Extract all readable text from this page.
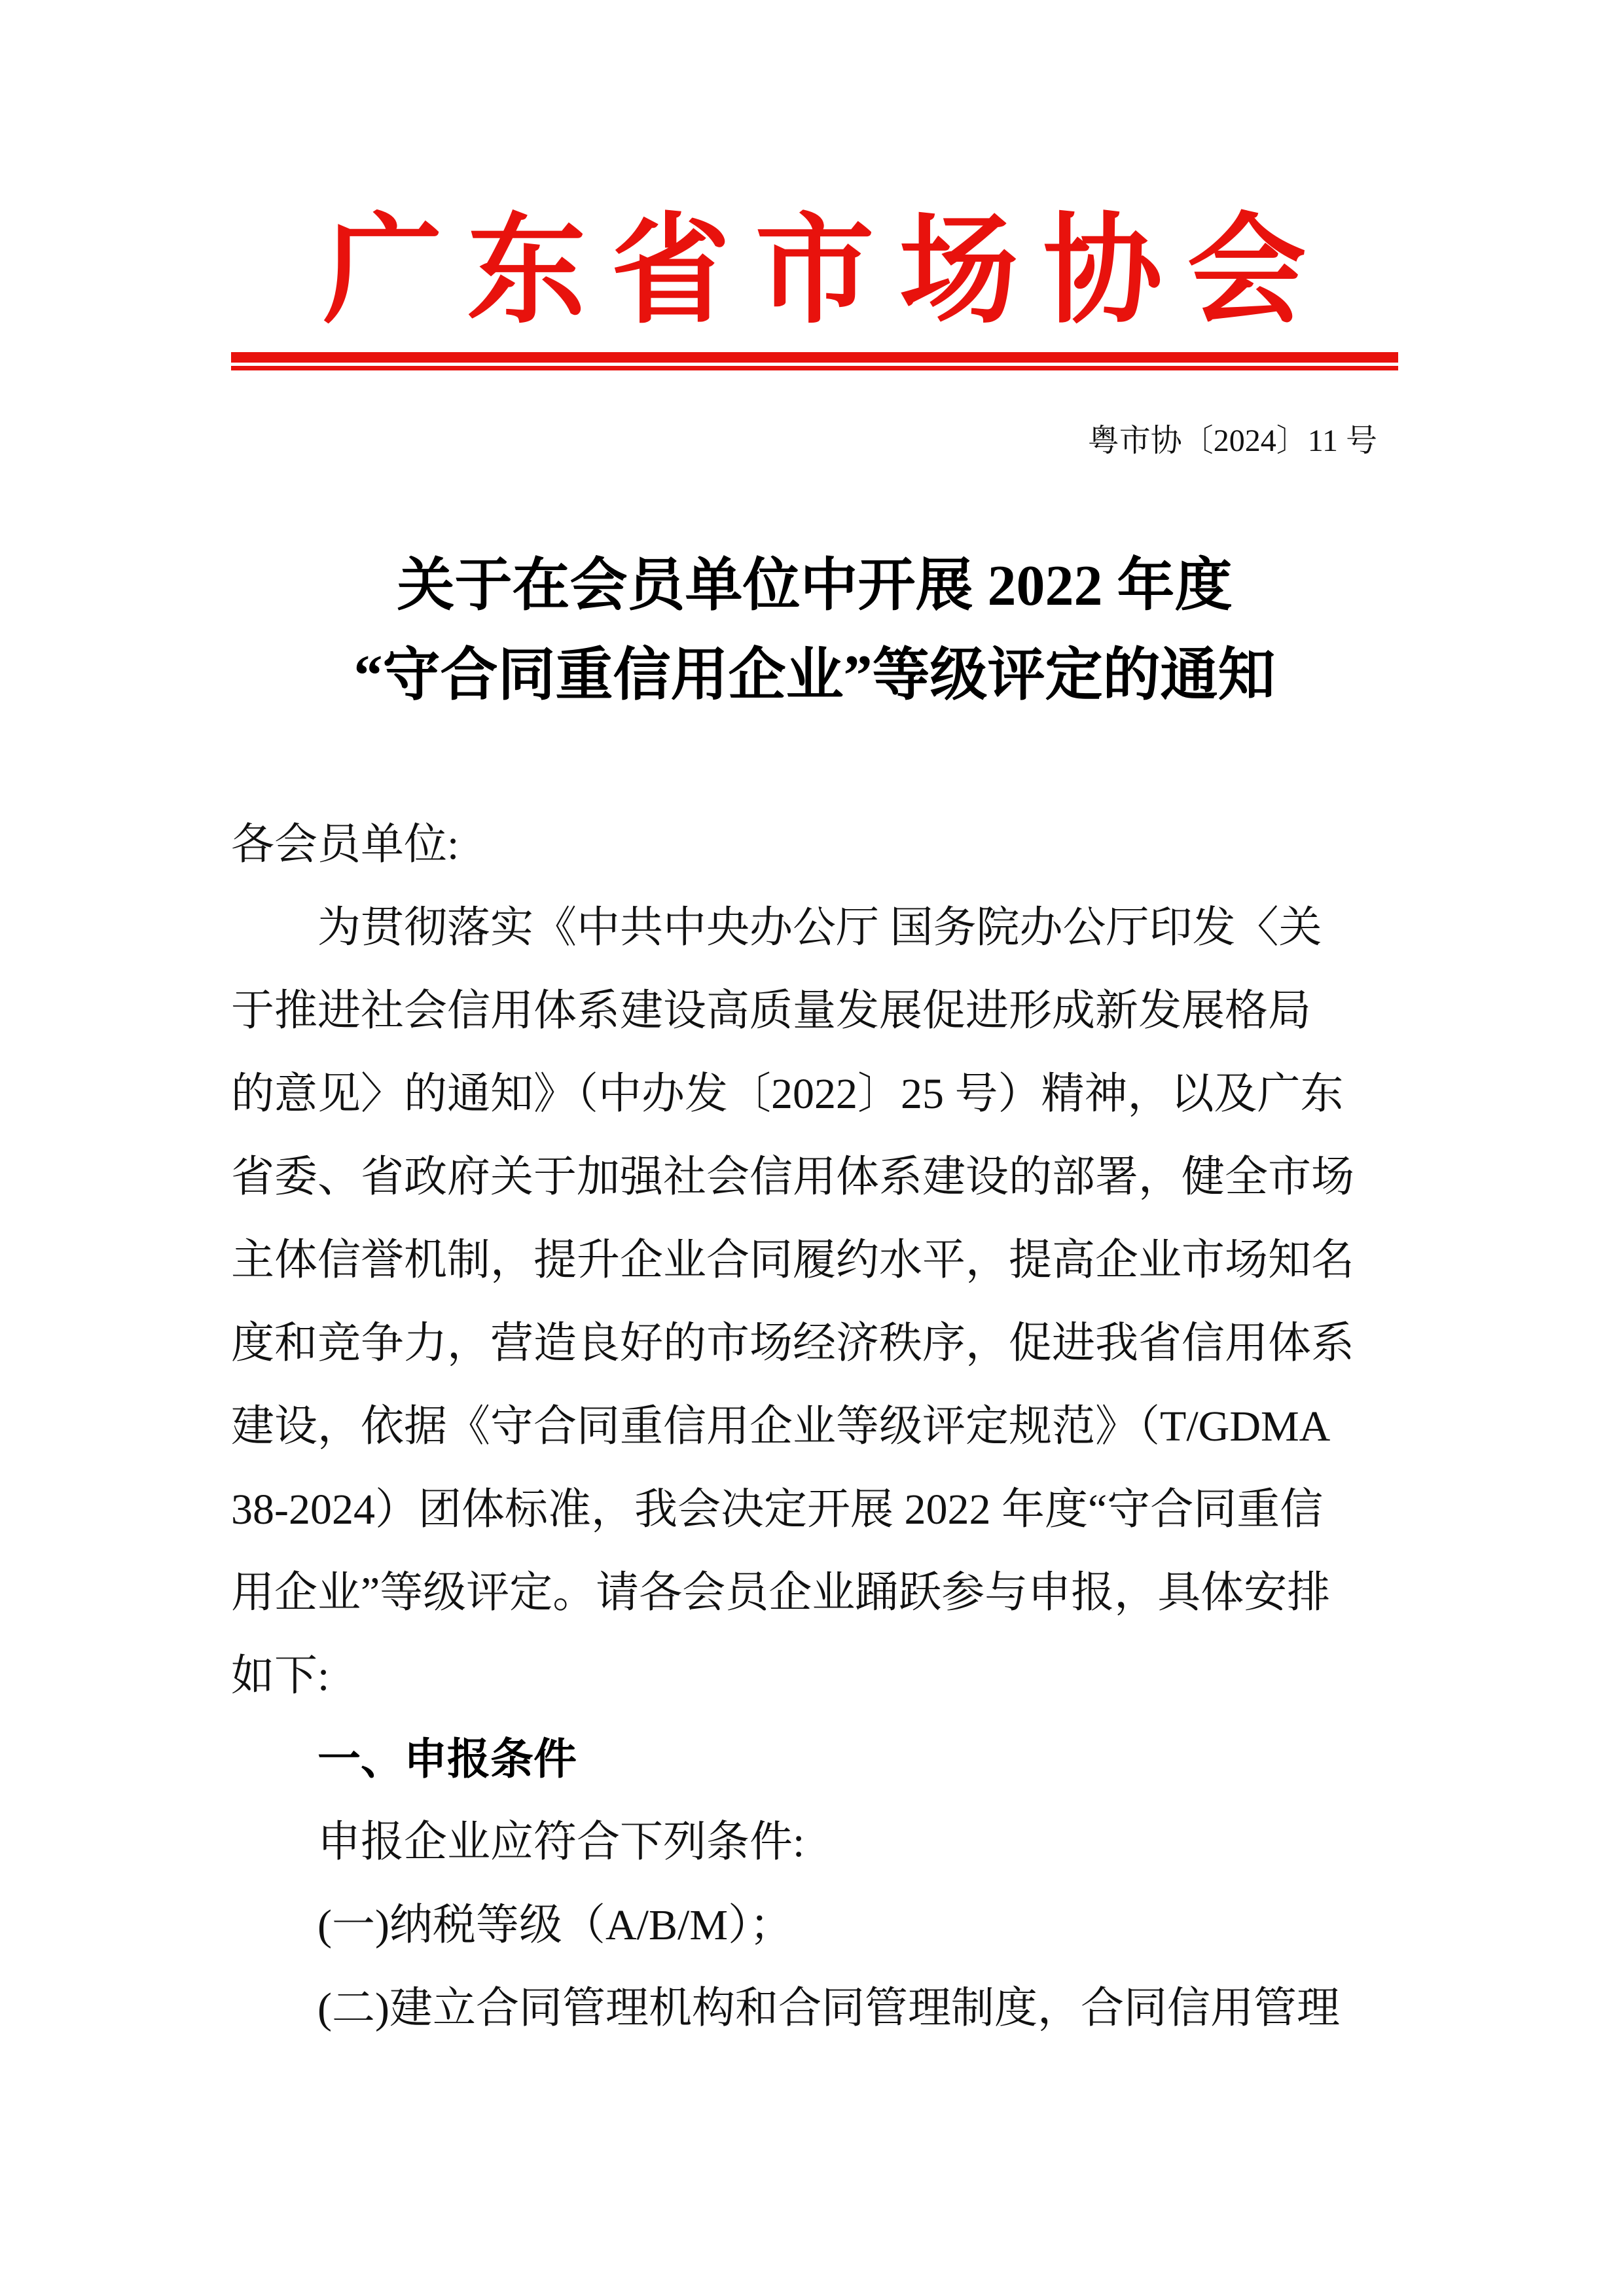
广东省市场协会
粤市协〔2024〕11 号
关于在会员单位中开展 2022 年度
“守合同重信用企业”等级评定的通知
各会员单位:
为贯彻落实《中共中央办公厅 国务院办公厅印发〈关
于推进社会信用体系建设高质量发展促进形成新发展格局
的意见〉的通知》（中办发〔2022〕25 号）精神，以及广东
省委、省政府关于加强社会信用体系建设的部署，健全市场
主体信誉机制，提升企业合同履约水平，提高企业市场知名
度和竞争力，营造良好的市场经济秩序，促进我省信用体系
建设，依据《守合同重信用企业等级评定规范》（T/GDMA
38-2024）团体标准，我会决定开展 2022 年度“守合同重信
用企业”等级评定。请各会员企业踊跃参与申报，具体安排
如下:
一、申报条件
申报企业应符合下列条件:
(一)纳税等级（A/B/M）；
(二)建立合同管理机构和合同管理制度，合同信用管理
